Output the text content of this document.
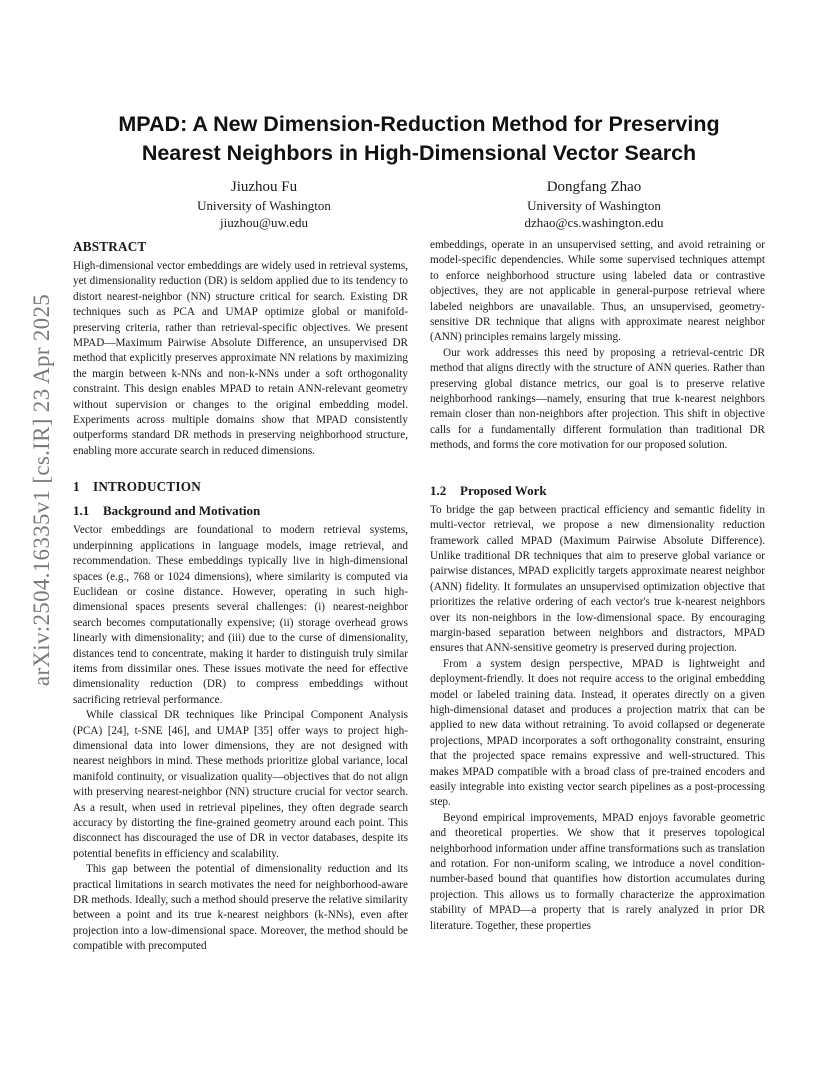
arXiv:2504.16335v1 [cs.IR] 23 Apr 2025
MPAD: A New Dimension-Reduction Method for Preserving
Nearest Neighbors in High-Dimensional Vector Search
Jiuzhou Fu
University of Washington
jiuzhou@uw.edu
Dongfang Zhao
University of Washington
dzhao@cs.washington.edu
ABSTRACT

High-dimensional vector embeddings are widely used in retrieval systems, yet dimensionality reduction (DR) is seldom applied due to its tendency to distort nearest-neighbor (NN) structure critical for search. Existing DR techniques such as PCA and UMAP optimize global or manifold-preserving criteria, rather than retrieval-specific objectives. We present MPAD—Maximum Pairwise Absolute Difference, an unsupervised DR method that explicitly preserves approximate NN relations by maximizing the margin between k-NNs and non-k-NNs under a soft orthogonality constraint. This design enables MPAD to retain ANN-relevant geometry without supervision or changes to the original embedding model. Experiments across multiple domains show that MPAD consistently outperforms standard DR methods in preserving neighborhood structure, enabling more accurate search in reduced dimensions.

1 INTRODUCTION
1.1 Background and Motivation

Vector embeddings are foundational to modern retrieval systems, underpinning applications in language models, image retrieval, and recommendation. These embeddings typically live in high-dimensional spaces (e.g., 768 or 1024 dimensions), where similarity is computed via Euclidean or cosine distance. However, operating in such high-dimensional spaces presents several challenges: (i) nearest-neighbor search becomes computationally expensive; (ii) storage overhead grows linearly with dimensionality; and (iii) due to the curse of dimensionality, distances tend to concentrate, making it harder to distinguish truly similar items from dissimilar ones. These issues motivate the need for effective dimensionality reduction (DR) to compress embeddings without sacrificing retrieval performance.

While classical DR techniques like Principal Component Analysis (PCA) [24], t-SNE [46], and UMAP [35] offer ways to project high-dimensional data into lower dimensions, they are not designed with nearest neighbors in mind. These methods prioritize global variance, local manifold continuity, or visualization quality—objectives that do not align with preserving nearest-neighbor (NN) structure crucial for vector search. As a result, when used in retrieval pipelines, they often degrade search accuracy by distorting the fine-grained geometry around each point. This disconnect has discouraged the use of DR in vector databases, despite its potential benefits in efficiency and scalability.

This gap between the potential of dimensionality reduction and its practical limitations in search motivates the need for neighborhood-aware DR methods. Ideally, such a method should preserve the relative similarity between a point and its true k-nearest neighbors (k-NNs), even after projection into a low-dimensional space. Moreover, the method should be compatible with precomputed

embeddings, operate in an unsupervised setting, and avoid retraining or model-specific dependencies. While some supervised techniques attempt to enforce neighborhood structure using labeled data or contrastive objectives, they are not applicable in general-purpose retrieval where labeled neighbors are unavailable. Thus, an unsupervised, geometry-sensitive DR technique that aligns with approximate nearest neighbor (ANN) principles remains largely missing.

Our work addresses this need by proposing a retrieval-centric DR method that aligns directly with the structure of ANN queries. Rather than preserving global distance metrics, our goal is to preserve relative neighborhood rankings—namely, ensuring that true k-nearest neighbors remain closer than non-neighbors after projection. This shift in objective calls for a fundamentally different formulation than traditional DR methods, and forms the core motivation for our proposed solution.

1.2 Proposed Work

To bridge the gap between practical efficiency and semantic fidelity in multi-vector retrieval, we propose a new dimensionality reduction framework called MPAD (Maximum Pairwise Absolute Difference). Unlike traditional DR techniques that aim to preserve global variance or pairwise distances, MPAD explicitly targets approximate nearest neighbor (ANN) fidelity. It formulates an unsupervised optimization objective that prioritizes the relative ordering of each vector's true k-nearest neighbors over its non-neighbors in the low-dimensional space. By encouraging margin-based separation between neighbors and distractors, MPAD ensures that ANN-sensitive geometry is preserved during projection.

From a system design perspective, MPAD is lightweight and deployment-friendly. It does not require access to the original embedding model or labeled training data. Instead, it operates directly on a given high-dimensional dataset and produces a projection matrix that can be applied to new data without retraining. To avoid collapsed or degenerate projections, MPAD incorporates a soft orthogonality constraint, ensuring that the projected space remains expressive and well-structured. This makes MPAD compatible with a broad class of pre-trained encoders and easily integrable into existing vector search pipelines as a post-processing step.

Beyond empirical improvements, MPAD enjoys favorable geometric and theoretical properties. We show that it preserves topological neighborhood information under affine transformations such as translation and rotation. For non-uniform scaling, we introduce a novel condition-number-based bound that quantifies how distortion accumulates during projection. This allows us to formally characterize the approximation stability of MPAD—a property that is rarely analyzed in prior DR literature. Together, these properties
